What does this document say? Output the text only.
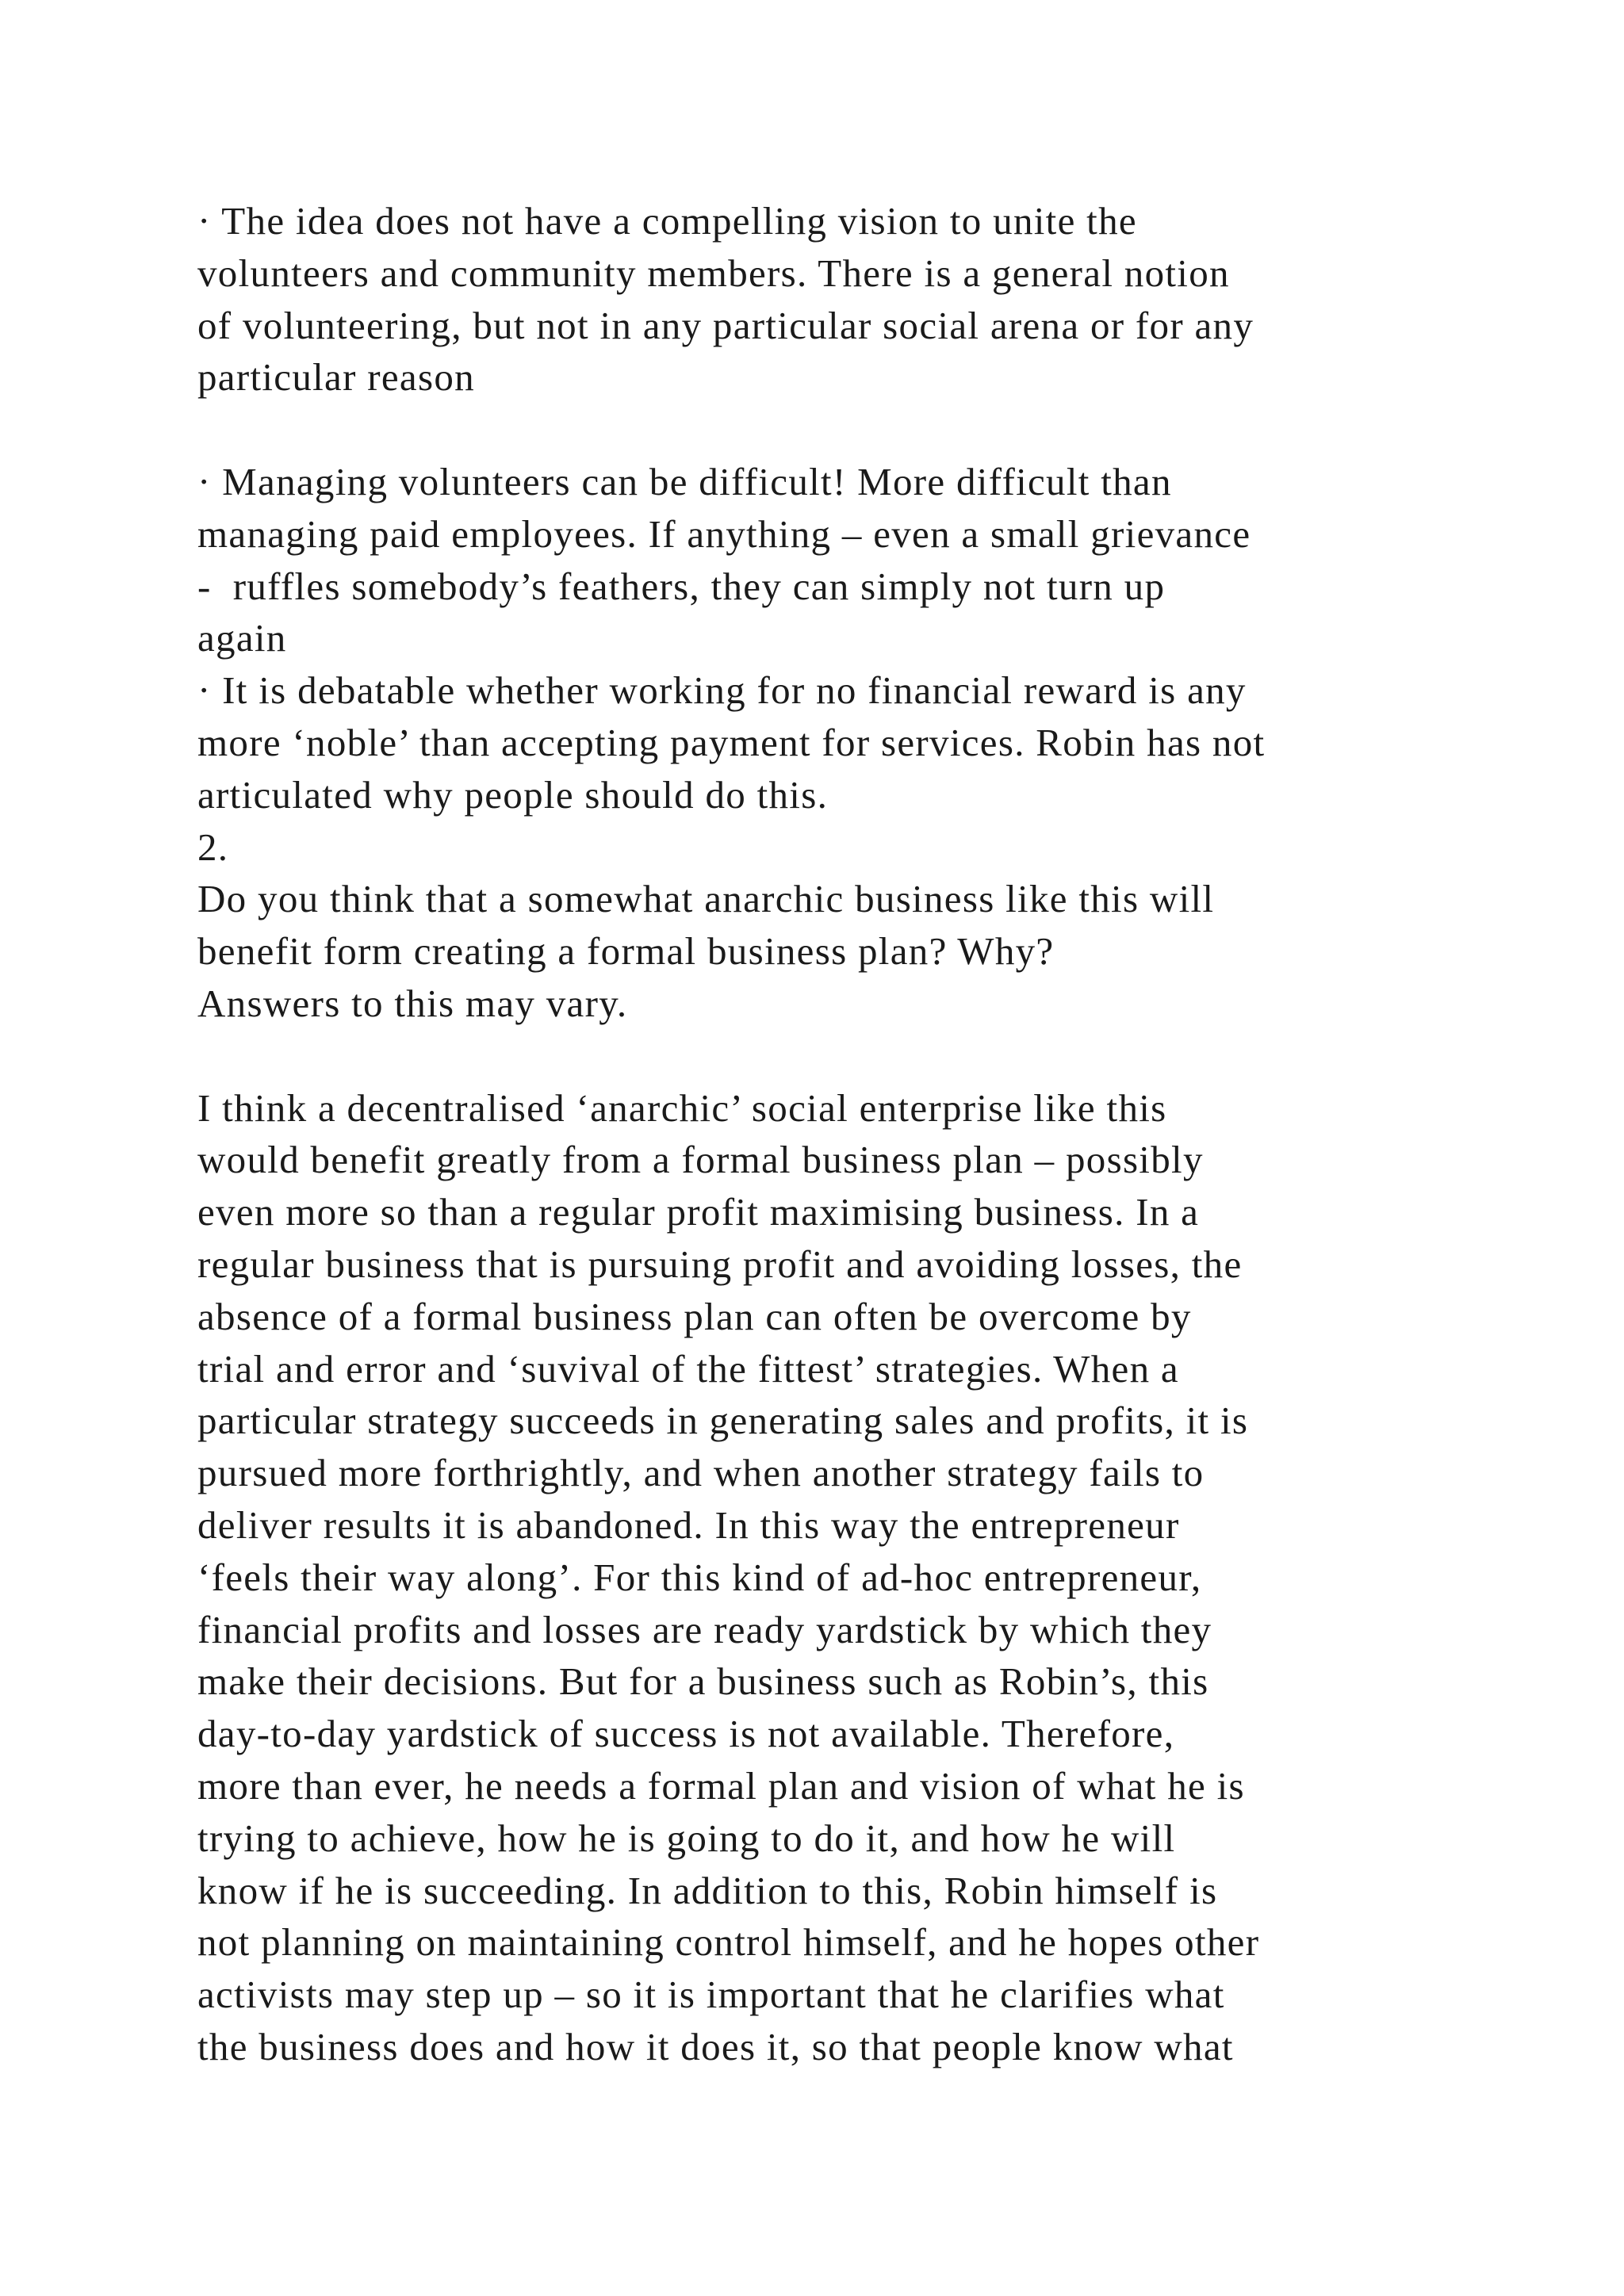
· The idea does not have a compelling vision to unite the
volunteers and community members. There is a general notion
of volunteering, but not in any particular social arena or for any
particular reason
· Managing volunteers can be difficult! More difficult than
managing paid employees. If anything – even a small grievance
-  ruffles somebody’s feathers, they can simply not turn up
again
· It is debatable whether working for no financial reward is any
more ‘noble’ than accepting payment for services. Robin has not
articulated why people should do this.
2.
Do you think that a somewhat anarchic business like this will
benefit form creating a formal business plan? Why?
Answers to this may vary.
I think a decentralised ‘anarchic’ social enterprise like this
would benefit greatly from a formal business plan – possibly
even more so than a regular profit maximising business. In a
regular business that is pursuing profit and avoiding losses, the
absence of a formal business plan can often be overcome by
trial and error and ‘suvival of the fittest’ strategies. When a
particular strategy succeeds in generating sales and profits, it is
pursued more forthrightly, and when another strategy fails to
deliver results it is abandoned. In this way the entrepreneur
‘feels their way along’. For this kind of ad-hoc entrepreneur,
financial profits and losses are ready yardstick by which they
make their decisions. But for a business such as Robin’s, this
day-to-day yardstick of success is not available. Therefore,
more than ever, he needs a formal plan and vision of what he is
trying to achieve, how he is going to do it, and how he will
know if he is succeeding. In addition to this, Robin himself is
not planning on maintaining control himself, and he hopes other
activists may step up – so it is important that he clarifies what
the business does and how it does it, so that people know what
